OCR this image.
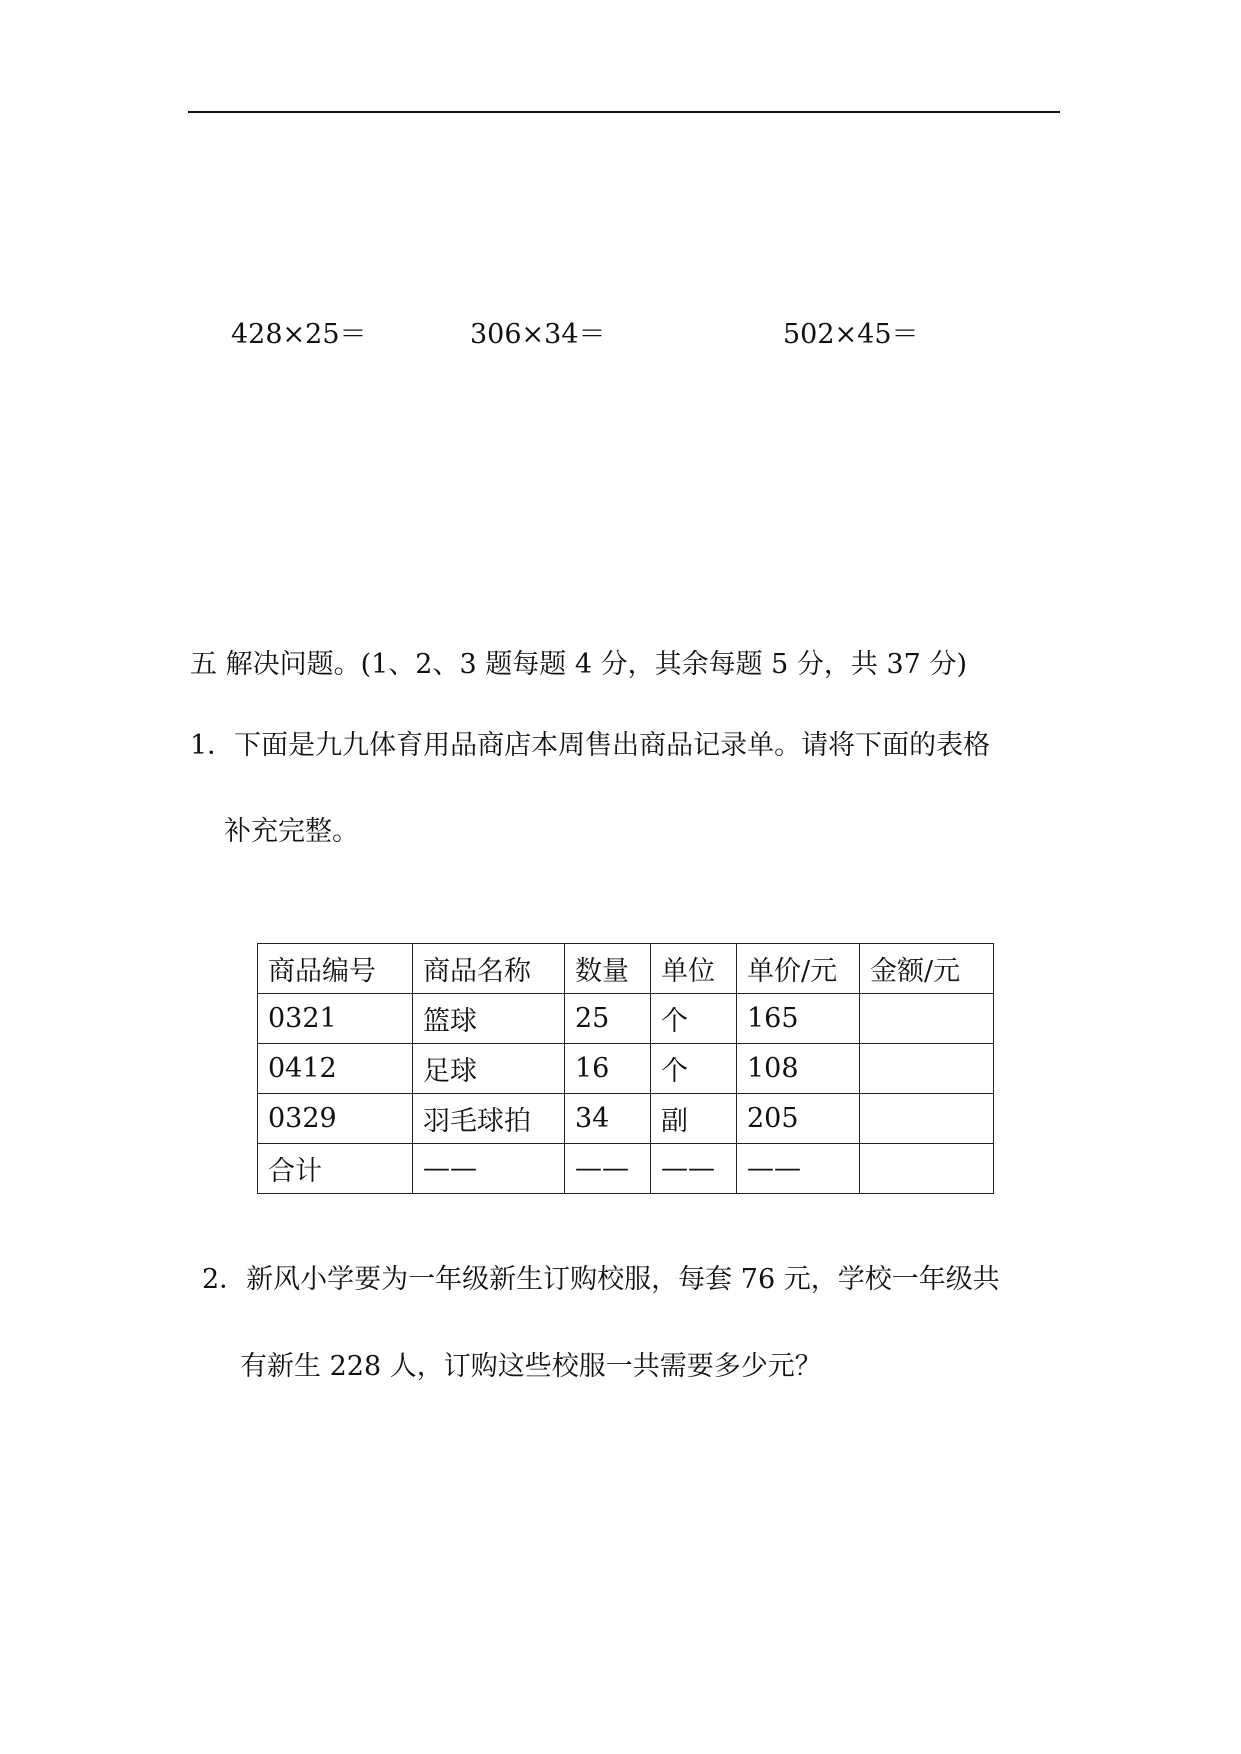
428×25＝	306×34＝	502×45＝
五 解决问题。(1、2、3 题每题 4 分，其余每题 5 分，共 37 分)
1．下面是九九体育用品商店本周售出商品记录单。请将下面的表格
补充完整。
商品编号	商品名称	数量	单位	单价/元	金额/元
0321	篮球	25	个	165	
0412	足球	16	个	108	
0329	羽毛球拍	34	副	205	
合计	——	——	——	——	
2．新风小学要为一年级新生订购校服，每套 76 元，学校一年级共
有新生 228 人，订购这些校服一共需要多少元？
